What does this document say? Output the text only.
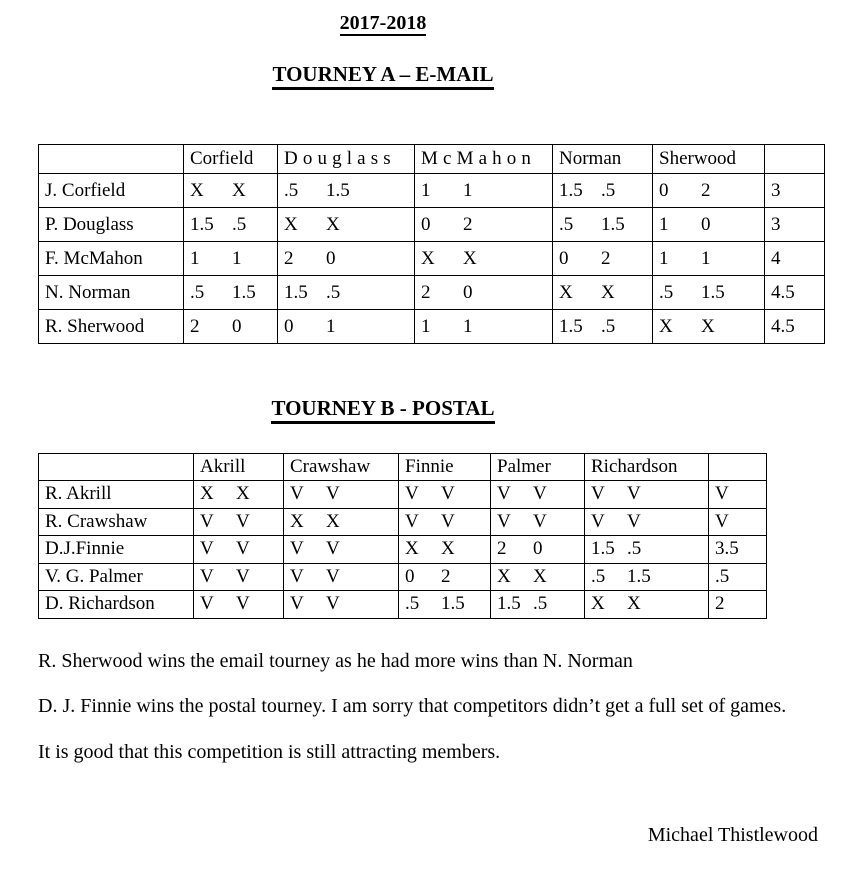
2017-2018
TOURNEY A – E-MAIL
	Corfield	Douglass	McMahon	Norman	Sherwood	
J. Corfield	X X	.5 1.5	1 1	1.5 .5	0 2	3
P. Douglass	1.5 .5	X X	0 2	.5 1.5	1 0	3
F. McMahon	1 1	2 0	X X	0 2	1 1	4
N. Norman	.5 1.5	1.5 .5	2 0	X X	.5 1.5	4.5
R. Sherwood	2 0	0 1	1 1	1.5 .5	X X	4.5
TOURNEY B - POSTAL
	Akrill	Crawshaw	Finnie	Palmer	Richardson	
R. Akrill	X X	V V	V V	V V	V V	V
R. Crawshaw	V V	X X	V V	V V	V V	V
D.J.Finnie	V V	V V	X X	2 0	1.5 .5	3.5
V. G. Palmer	V V	V V	0 2	X X	.5 1.5	.5
D. Richardson	V V	V V	.5 1.5	1.5 .5	X X	2

R. Sherwood wins the email tourney as he had more wins than N. Norman

D. J. Finnie wins the postal tourney. I am sorry that competitors didn’t get a full set of games.

It is good that this competition is still attracting members.

Michael Thistlewood
